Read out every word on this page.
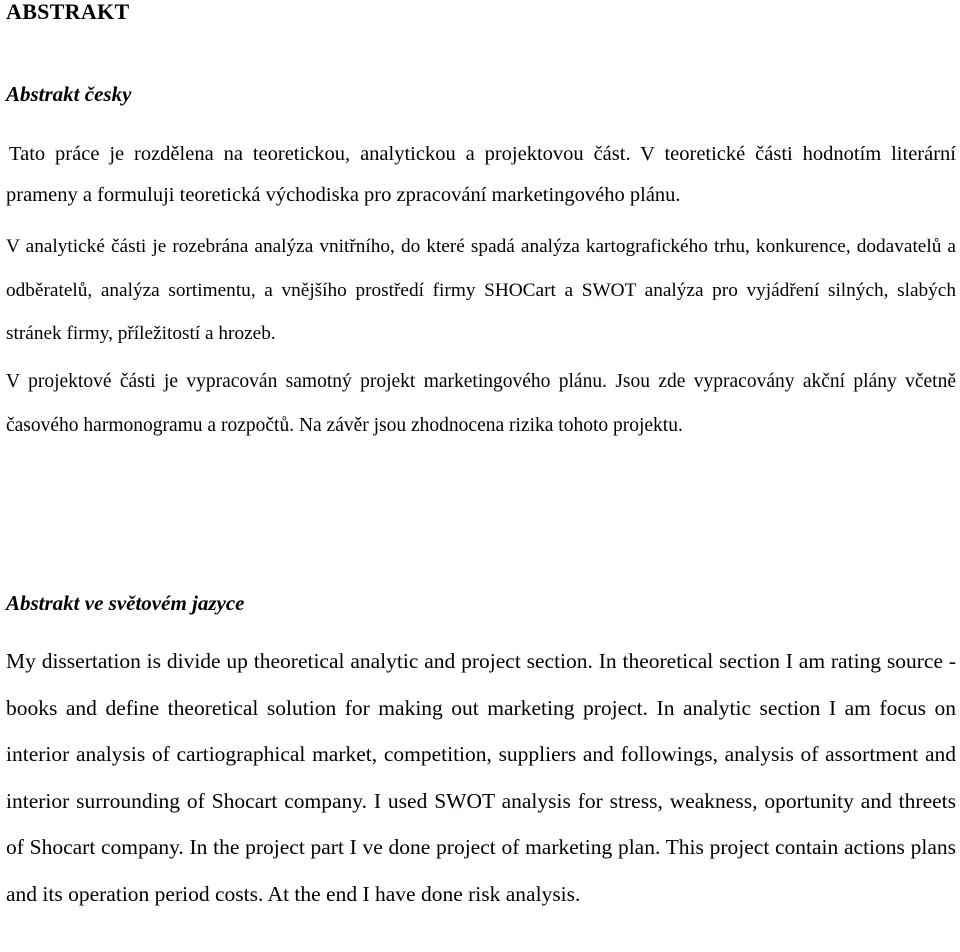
ABSTRAKT
Abstrakt česky

Tato práce je rozdělena na teoretickou, analytickou a projektovou část. V teoretické části hodnotím literární prameny a formuluji teoretická východiska pro zpracování marketingového plánu.

V analytické části je rozebrána analýza vnitřního, do které spadá analýza kartografického trhu, konkurence, dodavatelů a odběratelů, analýza sortimentu, a vnějšího prostředí firmy SHOCart a SWOT analýza pro vyjádření silných, slabých stránek firmy, příležitostí a hrozeb.

V projektové části je vypracován samotný projekt marketingového plánu. Jsou zde vypracovány akční plány včetně časového harmonogramu a rozpočtů. Na závěr jsou zhodnocena rizika tohoto projektu.

Abstrakt ve světovém jazyce

My dissertation is divide up theoretical analytic and project section. In theoretical section I am rating source - books and define theoretical solution for making out marketing project. In analytic section I am focus on interior analysis of cartiographical market, competition, suppliers and followings, analysis of assortment and interior surrounding of Shocart company. I used SWOT analysis for stress, weakness, oportunity and threets of Shocart company. In the project part I ve done project of marketing plan. This project contain actions plans and its operation period costs. At the end I have done risk analysis.
